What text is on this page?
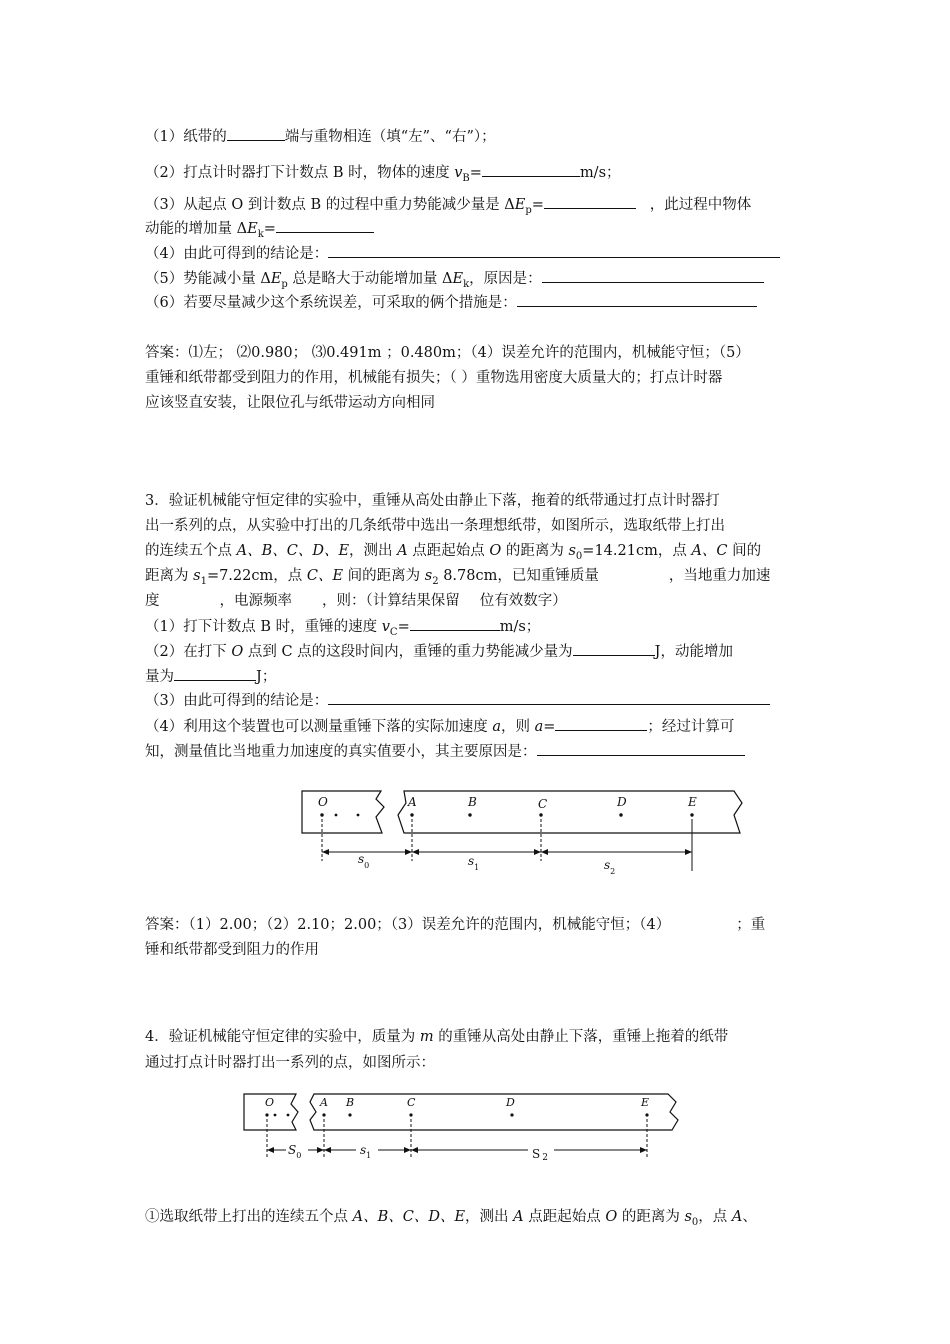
（1）纸带的	端与重物相连（填“左”、“右”）；
（2）打点计时器打下计数点 B 时，物体的速度 $v_B=$	m/s；
（3）从起点 O 到计数点 B 的过程中重力势能减少量是 $\Delta E_p=$	，此过程中物体
动能的增加量 $\Delta E_k=$
（4）由此可得到的结论是：
（5）势能减小量 $\Delta E_p$ 总是略大于动能增加量 $\Delta E_k$，原因是：
（6）若要尽量减少这个系统误差，可采取的俩个措施是：
答案：⑴左； ⑵0.980； ⑶0.491m ；0.480m；（4）误差允许的范围内，机械能守恒；（5）
重锤和纸带都受到阻力的作用，机械能有损失；（ ）重物选用密度大质量大的；打点计时器
应该竖直安装，让限位孔与纸带运动方向相同
3．验证机械能守恒定律的实验中，重锤从高处由静止下落，拖着的纸带通过打点计时器打
出一系列的点，从实验中打出的几条纸带中选出一条理想纸带，如图所示，选取纸带上打出
的连续五个点 A、B、C、D、E，测出 A 点距起始点 O 的距离为 $s_0=14.21cm$，点 A、C 间的
距离为 $s_1=7.22cm$，点 C、E 间的距离为 $s_2$ 8.78cm，已知重锤质量	，当地重力加速
度	，电源频率 ，则：（计算结果保留 位有效数字）
（1）打下计数点 B 时，重锤的速度 $v_C=$	m/s；
（2）在打下 O 点到 C 点的这段时间内，重锤的重力势能减少量为	J，动能增加
量为	J；
（3）由此可得到的结论是：
（4）利用这个装置也可以测量重锤下落的实际加速度 a，则 a=	；经过计算可
知，测量值比当地重力加速度的真实值要小，其主要原因是：
O	A	B	C	D	E
$s_0$	$s_1$	$s_2$
答案：（1）2.00；（2）2.10；2.00；（3）误差允许的范围内，机械能守恒；（4）	；重
锤和纸带都受到阻力的作用
4．验证机械能守恒定律的实验中，质量为 m 的重锤从高处由静止下落，重锤上拖着的纸带
通过打点计时器打出一系列的点，如图所示：
O	A B	C	D	E
$S_0$	$s_1$	S 2
①选取纸带上打出的连续五个点 A、B、C、D、E，测出 A 点距起始点 O 的距离为 $s_0$，点 A、
